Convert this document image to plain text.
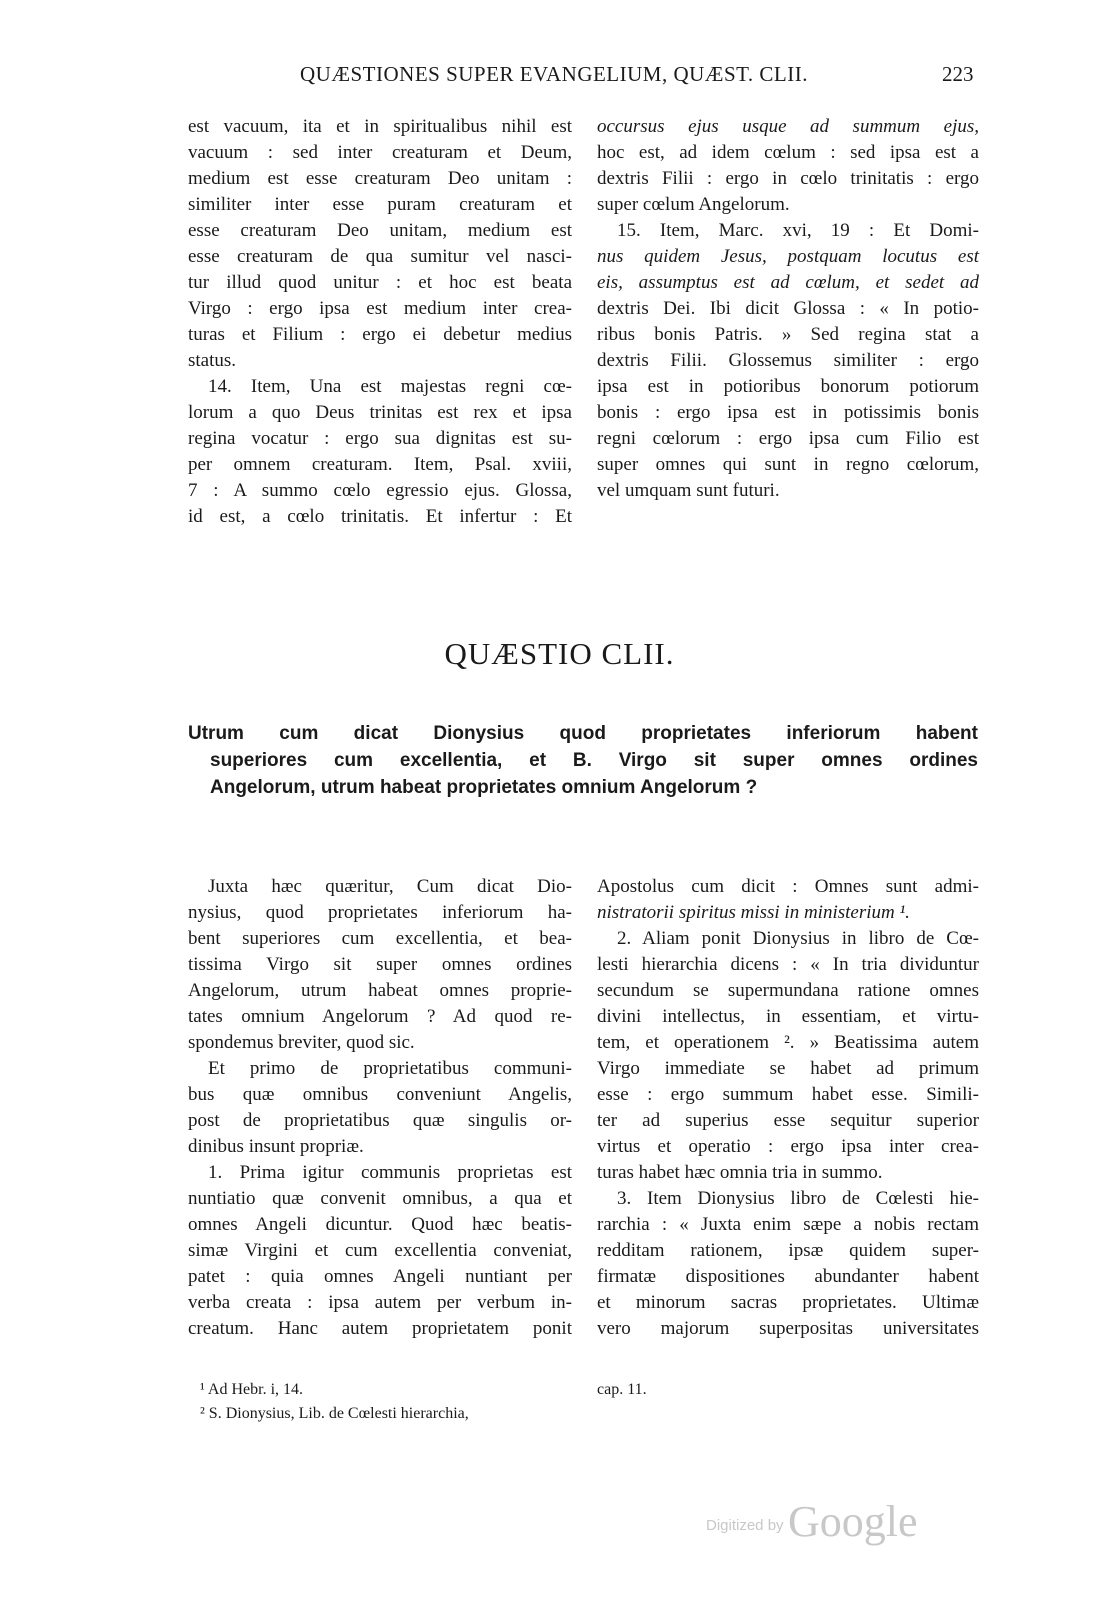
QUÆSTIONES SUPER EVANGELIUM, QUÆST. CLII.	223
est vacuum, ita et in spiritualibus nihil est
vacuum : sed inter creaturam et Deum,
medium est esse creaturam Deo unitam :
similiter inter esse puram creaturam et
esse creaturam Deo unitam, medium est
esse creaturam de qua sumitur vel nasci-
tur illud quod unitur : et hoc est beata
Virgo : ergo ipsa est medium inter crea-
turas et Filium : ergo ei debetur medius
status.
14. Item, Una est majestas regni cœ-
lorum a quo Deus trinitas est rex et ipsa
regina vocatur : ergo sua dignitas est su-
per omnem creaturam. Item, Psal. xviii,
7 : A summo cœlo egressio ejus. Glossa,
id est, a cœlo trinitatis. Et infertur : Et
occursus ejus usque ad summum ejus,
hoc est, ad idem cœlum : sed ipsa est a
dextris Filii : ergo in cœlo trinitatis : ergo
super cœlum Angelorum.
15. Item, Marc. xvi, 19 : Et Domi-
nus quidem Jesus, postquam locutus est
eis, assumptus est ad cœlum, et sedet ad
dextris Dei. Ibi dicit Glossa : « In potio-
ribus bonis Patris. » Sed regina stat a
dextris Filii. Glossemus similiter : ergo
ipsa est in potioribus bonorum potiorum
bonis : ergo ipsa est in potissimis bonis
regni cœlorum : ergo ipsa cum Filio est
super omnes qui sunt in regno cœlorum,
vel umquam sunt futuri.
QUÆSTIO CLII.
Utrum cum dicat Dionysius quod proprietates inferiorum habent
superiores cum excellentia, et B. Virgo sit super omnes ordines
Angelorum, utrum habeat proprietates omnium Angelorum ?
Juxta hæc quæritur, Cum dicat Dio-
nysius, quod proprietates inferiorum ha-
bent superiores cum excellentia, et bea-
tissima Virgo sit super omnes ordines
Angelorum, utrum habeat omnes proprie-
tates omnium Angelorum ? Ad quod re-
spondemus breviter, quod sic.
Et primo de proprietatibus communi-
bus quæ omnibus conveniunt Angelis,
post de proprietatibus quæ singulis or-
dinibus insunt propriæ.
1. Prima igitur communis proprietas est
nuntiatio quæ convenit omnibus, a qua et
omnes Angeli dicuntur. Quod hæc beatis-
simæ Virgini et cum excellentia conveniat,
patet : quia omnes Angeli nuntiant per
verba creata : ipsa autem per verbum in-
creatum. Hanc autem proprietatem ponit
Apostolus cum dicit : Omnes sunt admi-
nistratorii spiritus missi in ministerium ¹.
2. Aliam ponit Dionysius in libro de Cœ-
lesti hierarchia dicens : « In tria dividuntur
secundum se supermundana ratione omnes
divini intellectus, in essentiam, et virtu-
tem, et operationem ². » Beatissima autem
Virgo immediate se habet ad primum
esse : ergo summum habet esse. Simili-
ter ad superius esse sequitur superior
virtus et operatio : ergo ipsa inter crea-
turas habet hæc omnia tria in summo.
3. Item Dionysius libro de Cœlesti hie-
rarchia : « Juxta enim sæpe a nobis rectam
redditam rationem, ipsæ quidem super-
firmatæ dispositiones abundanter habent
et minorum sacras proprietates. Ultimæ
vero majorum superpositas universitates
¹ Ad Hebr. i, 14.
² S. Dionysius, Lib. de Cœlesti hierarchia,
cap. 11.
Digitized by Google
